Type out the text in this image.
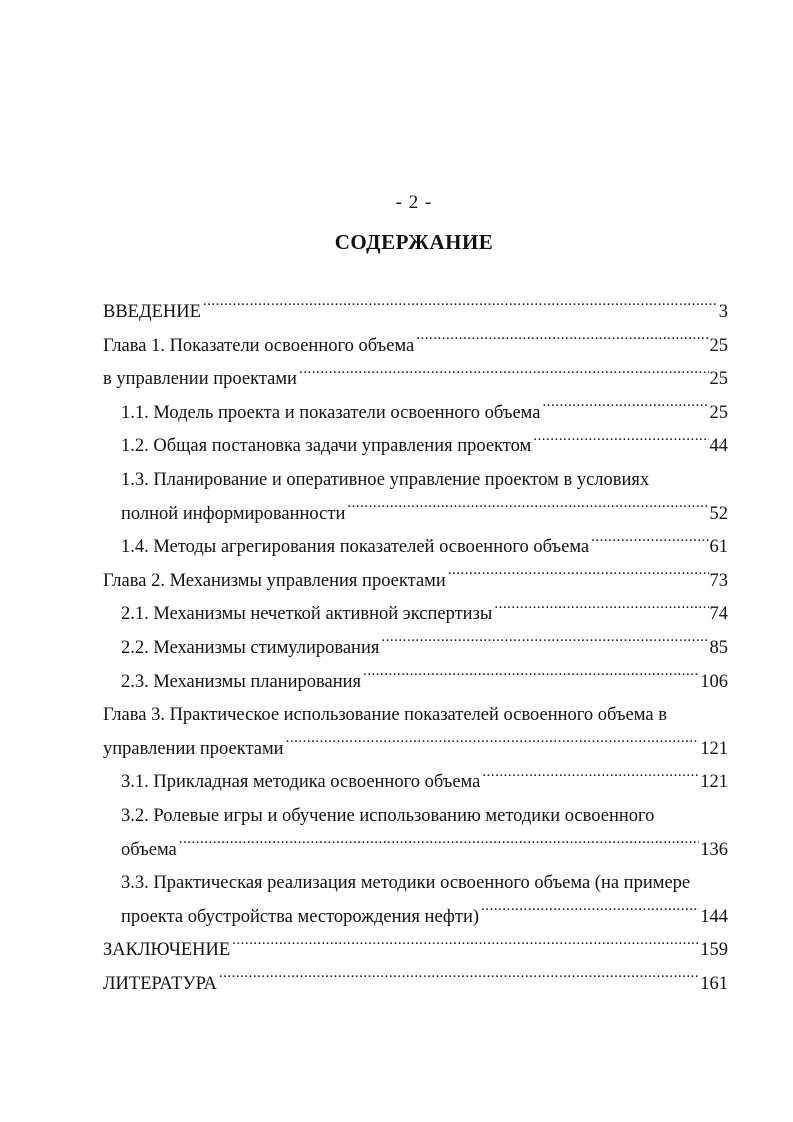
- 2 -
СОДЕРЖАНИЕ
ВВЕДЕНИЕ .....	3
Глава 1. Показатели освоенного объема .....	25
в управлении проектами .....	25
1.1. Модель проекта и показатели освоенного объема .....	25
1.2. Общая постановка задачи управления проектом .....	44
1.3. Планирование и оперативное управление проектом в условиях
полной информированности .....	52
1.4. Методы агрегирования показателей освоенного объема .....	61
Глава 2. Механизмы управления проектами .....	73
2.1. Механизмы нечеткой активной экспертизы .....	74
2.2. Механизмы стимулирования .....	85
2.3. Механизмы планирования .....	106
Глава 3. Практическое использование показателей освоенного объема в
управлении проектами .....	121
3.1. Прикладная методика освоенного объема .....	121
3.2. Ролевые игры и обучение использованию методики освоенного
объема .....	136
3.3. Практическая реализация методики освоенного объема (на примере
проекта обустройства месторождения нефти) .....	144
ЗАКЛЮЧЕНИЕ .....	159
ЛИТЕРАТУРА .....	161
